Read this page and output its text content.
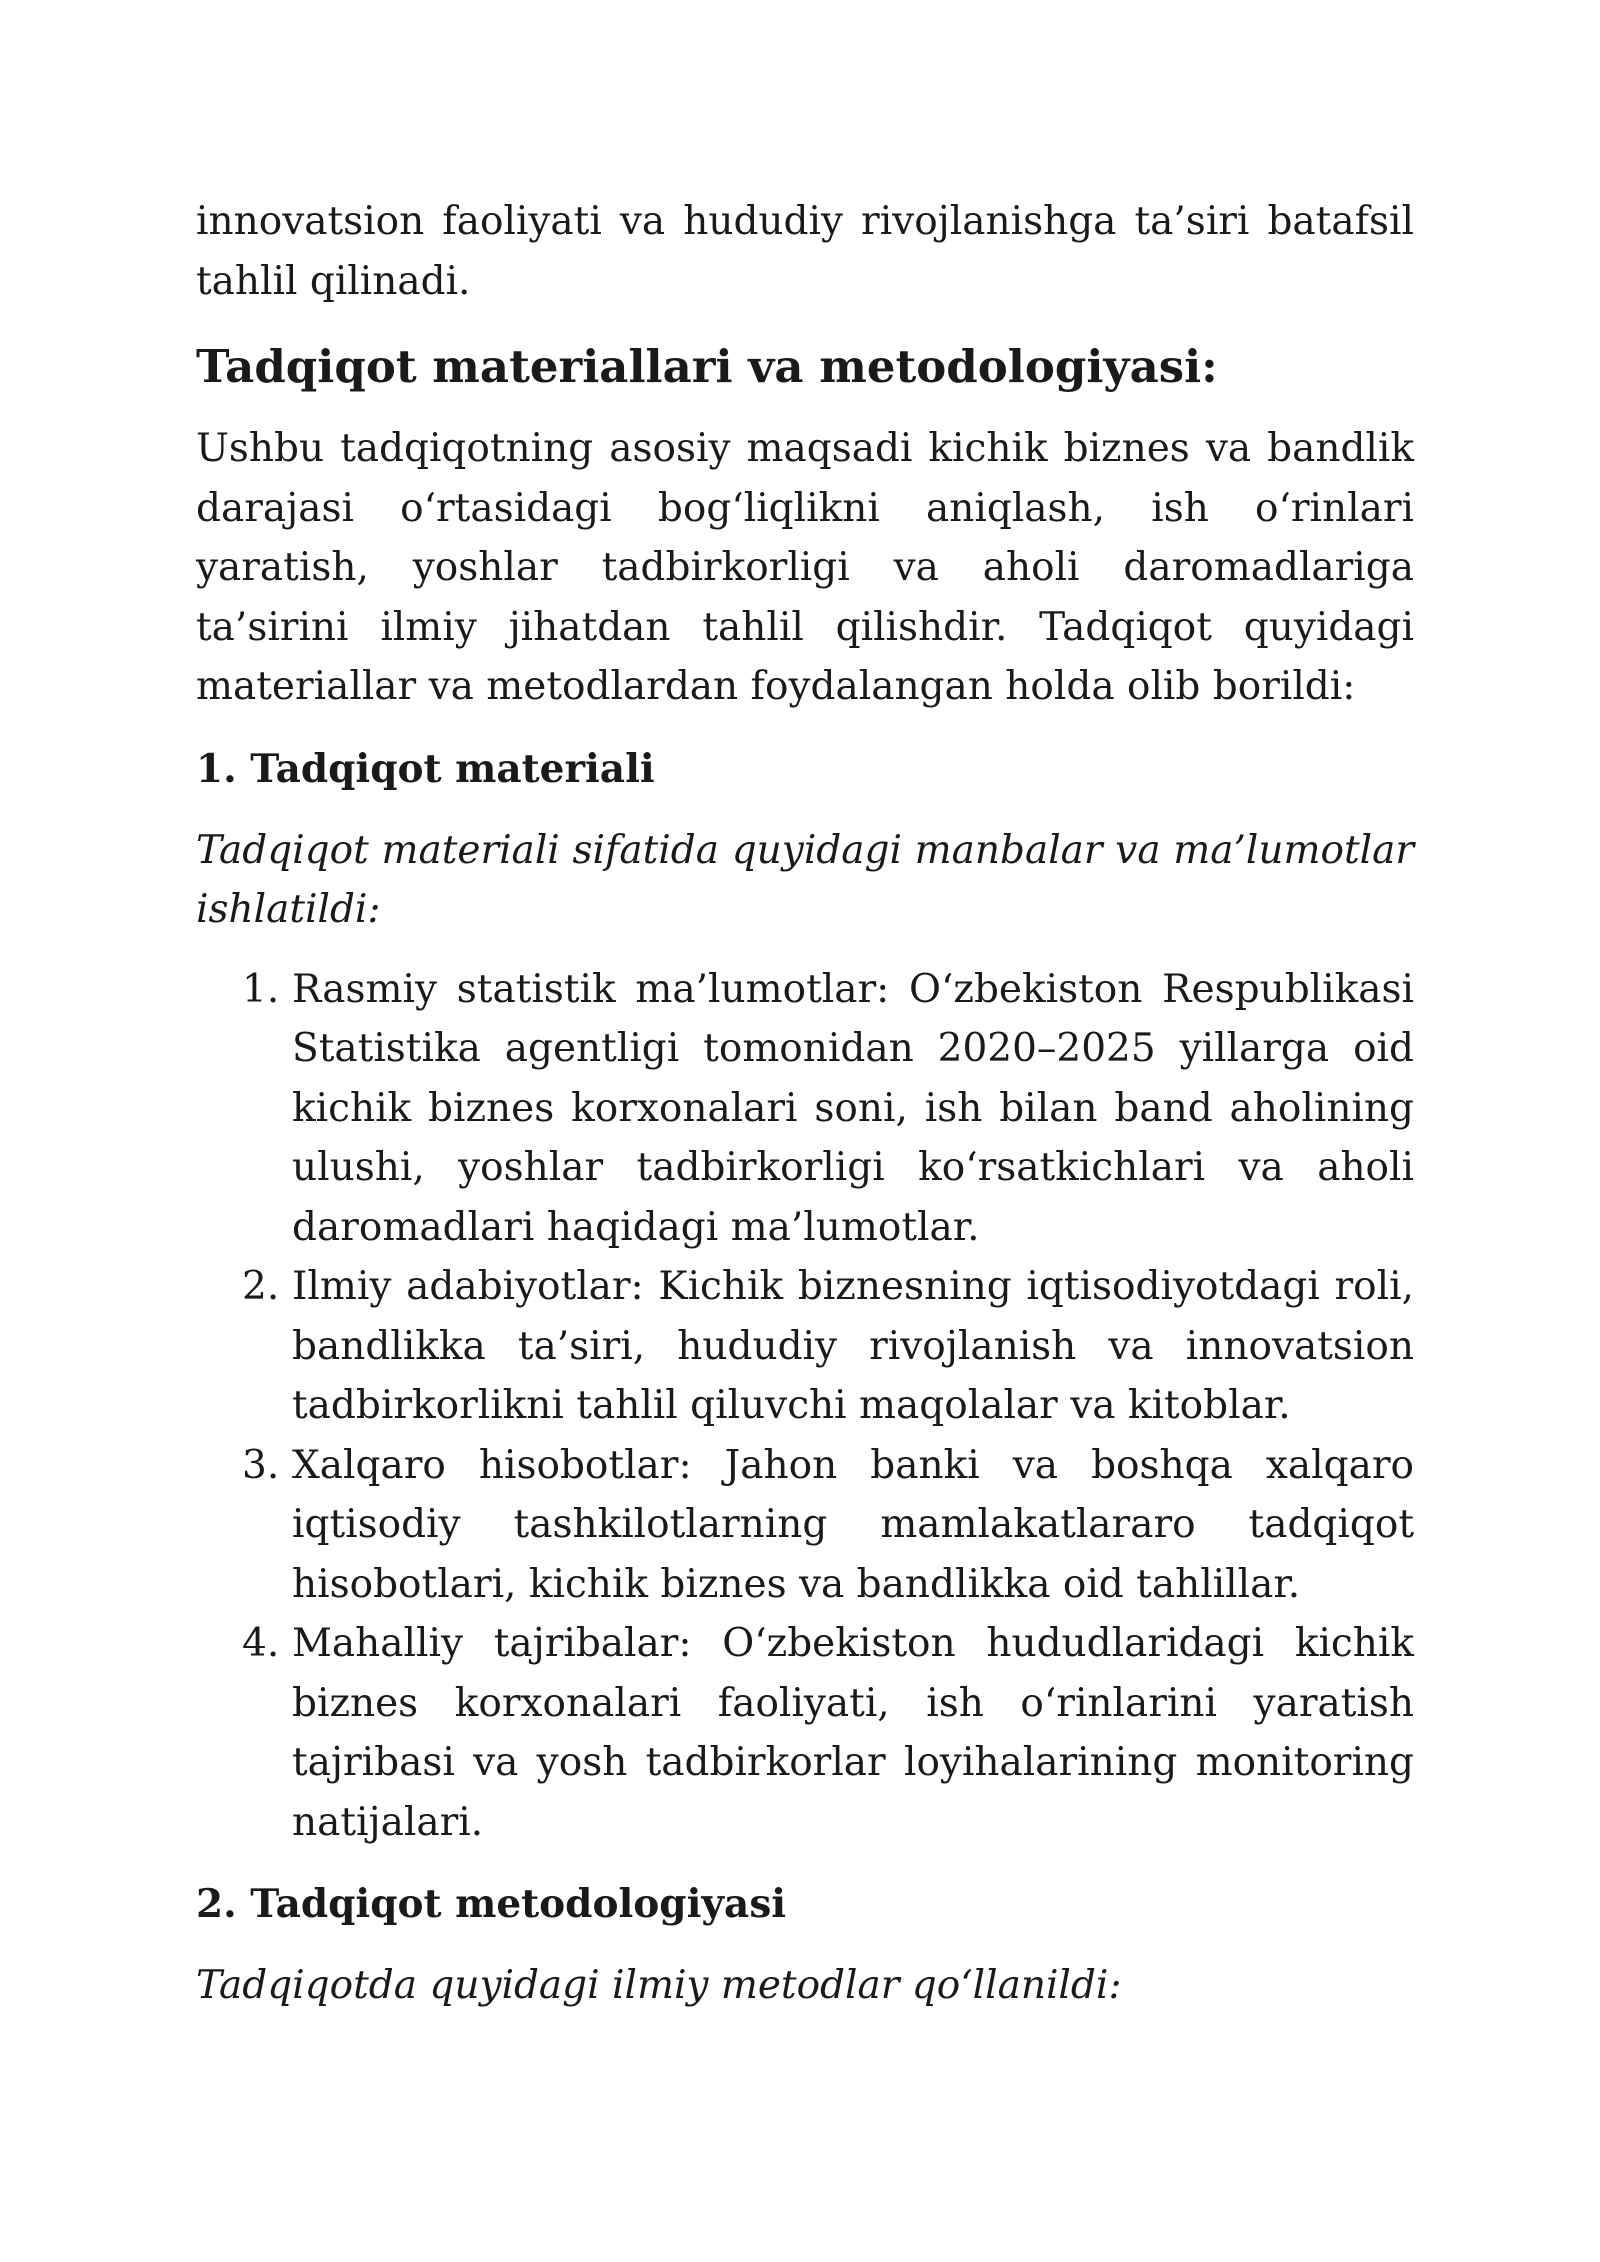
innovatsion faoliyati va hududiy rivojlanishga ta’siri batafsil tahlil qilinadi.

Tadqiqot materiallari va metodologiyasi:

Ushbu tadqiqotning asosiy maqsadi kichik biznes va bandlik darajasi o‘rtasidagi bog‘liqlikni aniqlash, ish o‘rinlari yaratish, yoshlar tadbirkorligi va aholi daromadlariga ta’sirini ilmiy jihatdan tahlil qilishdir. Tadqiqot quyidagi materiallar va metodlardan foydalangan holda olib borildi:

1. Tadqiqot materiali

Tadqiqot materiali sifatida quyidagi manbalar va ma’lumotlar ishlatildi:

1. Rasmiy statistik ma’lumotlar: O‘zbekiston Respublikasi Statistika agentligi tomonidan 2020–2025 yillarga oid kichik biznes korxonalari soni, ish bilan band aholining ulushi, yoshlar tadbirkorligi ko‘rsatkichlari va aholi daromadlari haqidagi ma’lumotlar.
2. Ilmiy adabiyotlar: Kichik biznesning iqtisodiyotdagi roli, bandlikka ta’siri, hududiy rivojlanish va innovatsion tadbirkorlikni tahlil qiluvchi maqolalar va kitoblar.
3. Xalqaro hisobotlar: Jahon banki va boshqa xalqaro iqtisodiy tashkilotlarning mamlakatlararo tadqiqot hisobotlari, kichik biznes va bandlikka oid tahlillar.
4. Mahalliy tajribalar: O‘zbekiston hududlaridagi kichik biznes korxonalari faoliyati, ish o‘rinlarini yaratish tajribasi va yosh tadbirkorlar loyihalarining monitoring natijalari.
2. Tadqiqot metodologiyasi

Tadqiqotda quyidagi ilmiy metodlar qo‘llanildi:
